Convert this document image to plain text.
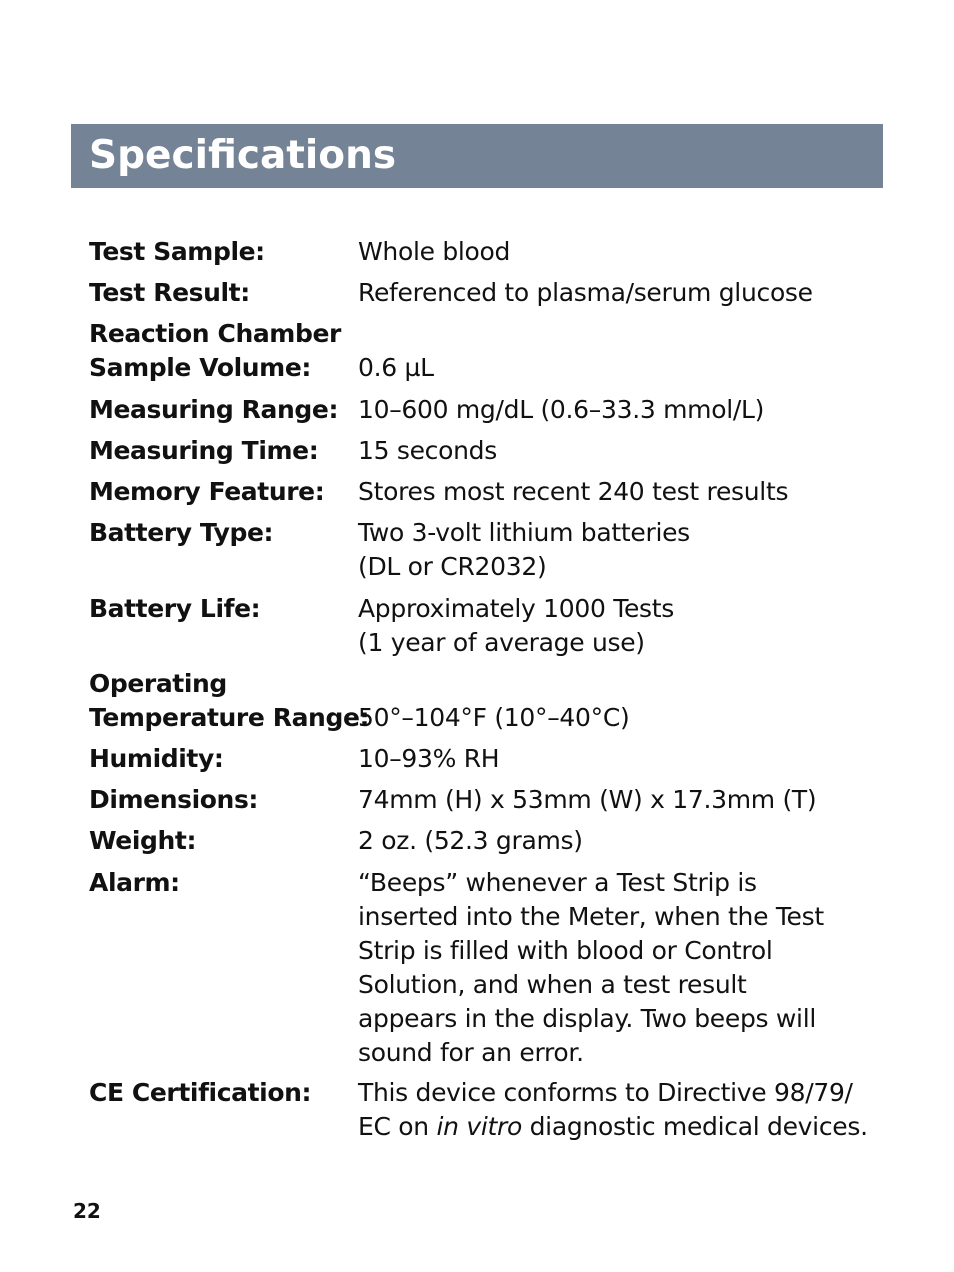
Specifications
Test Sample:	Whole blood
Test Result:	Referenced to plasma/serum glucose
Reaction Chamber
Sample Volume:	0.6 µL
Measuring Range: 10–600 mg/dL (0.6–33.3 mmol/L)
Measuring Time: 15 seconds
Memory Feature: Stores most recent 240 test results
Battery Type:	Two 3-volt lithium batteries
(DL or CR2032)
Battery Life:	Approximately 1000 Tests
(1 year of average use)
Operating
Temperature Range:
50°–104°F (10°–40°C)
Humidity:	10–93% RH
Dimensions:	74mm (H) x 53mm (W) x 17.3mm (T)
Weight:	2 oz. (52.3 grams)
Alarm:	“Beeps” whenever a Test Strip is
inserted into the Meter, when the Test
Strip is filled with blood or Control
Solution, and when a test result
appears in the display. Two beeps will
sound for an error.
CE Certification: This device conforms to Directive 98/79/
EC on in vitro diagnostic medical devices.
22
